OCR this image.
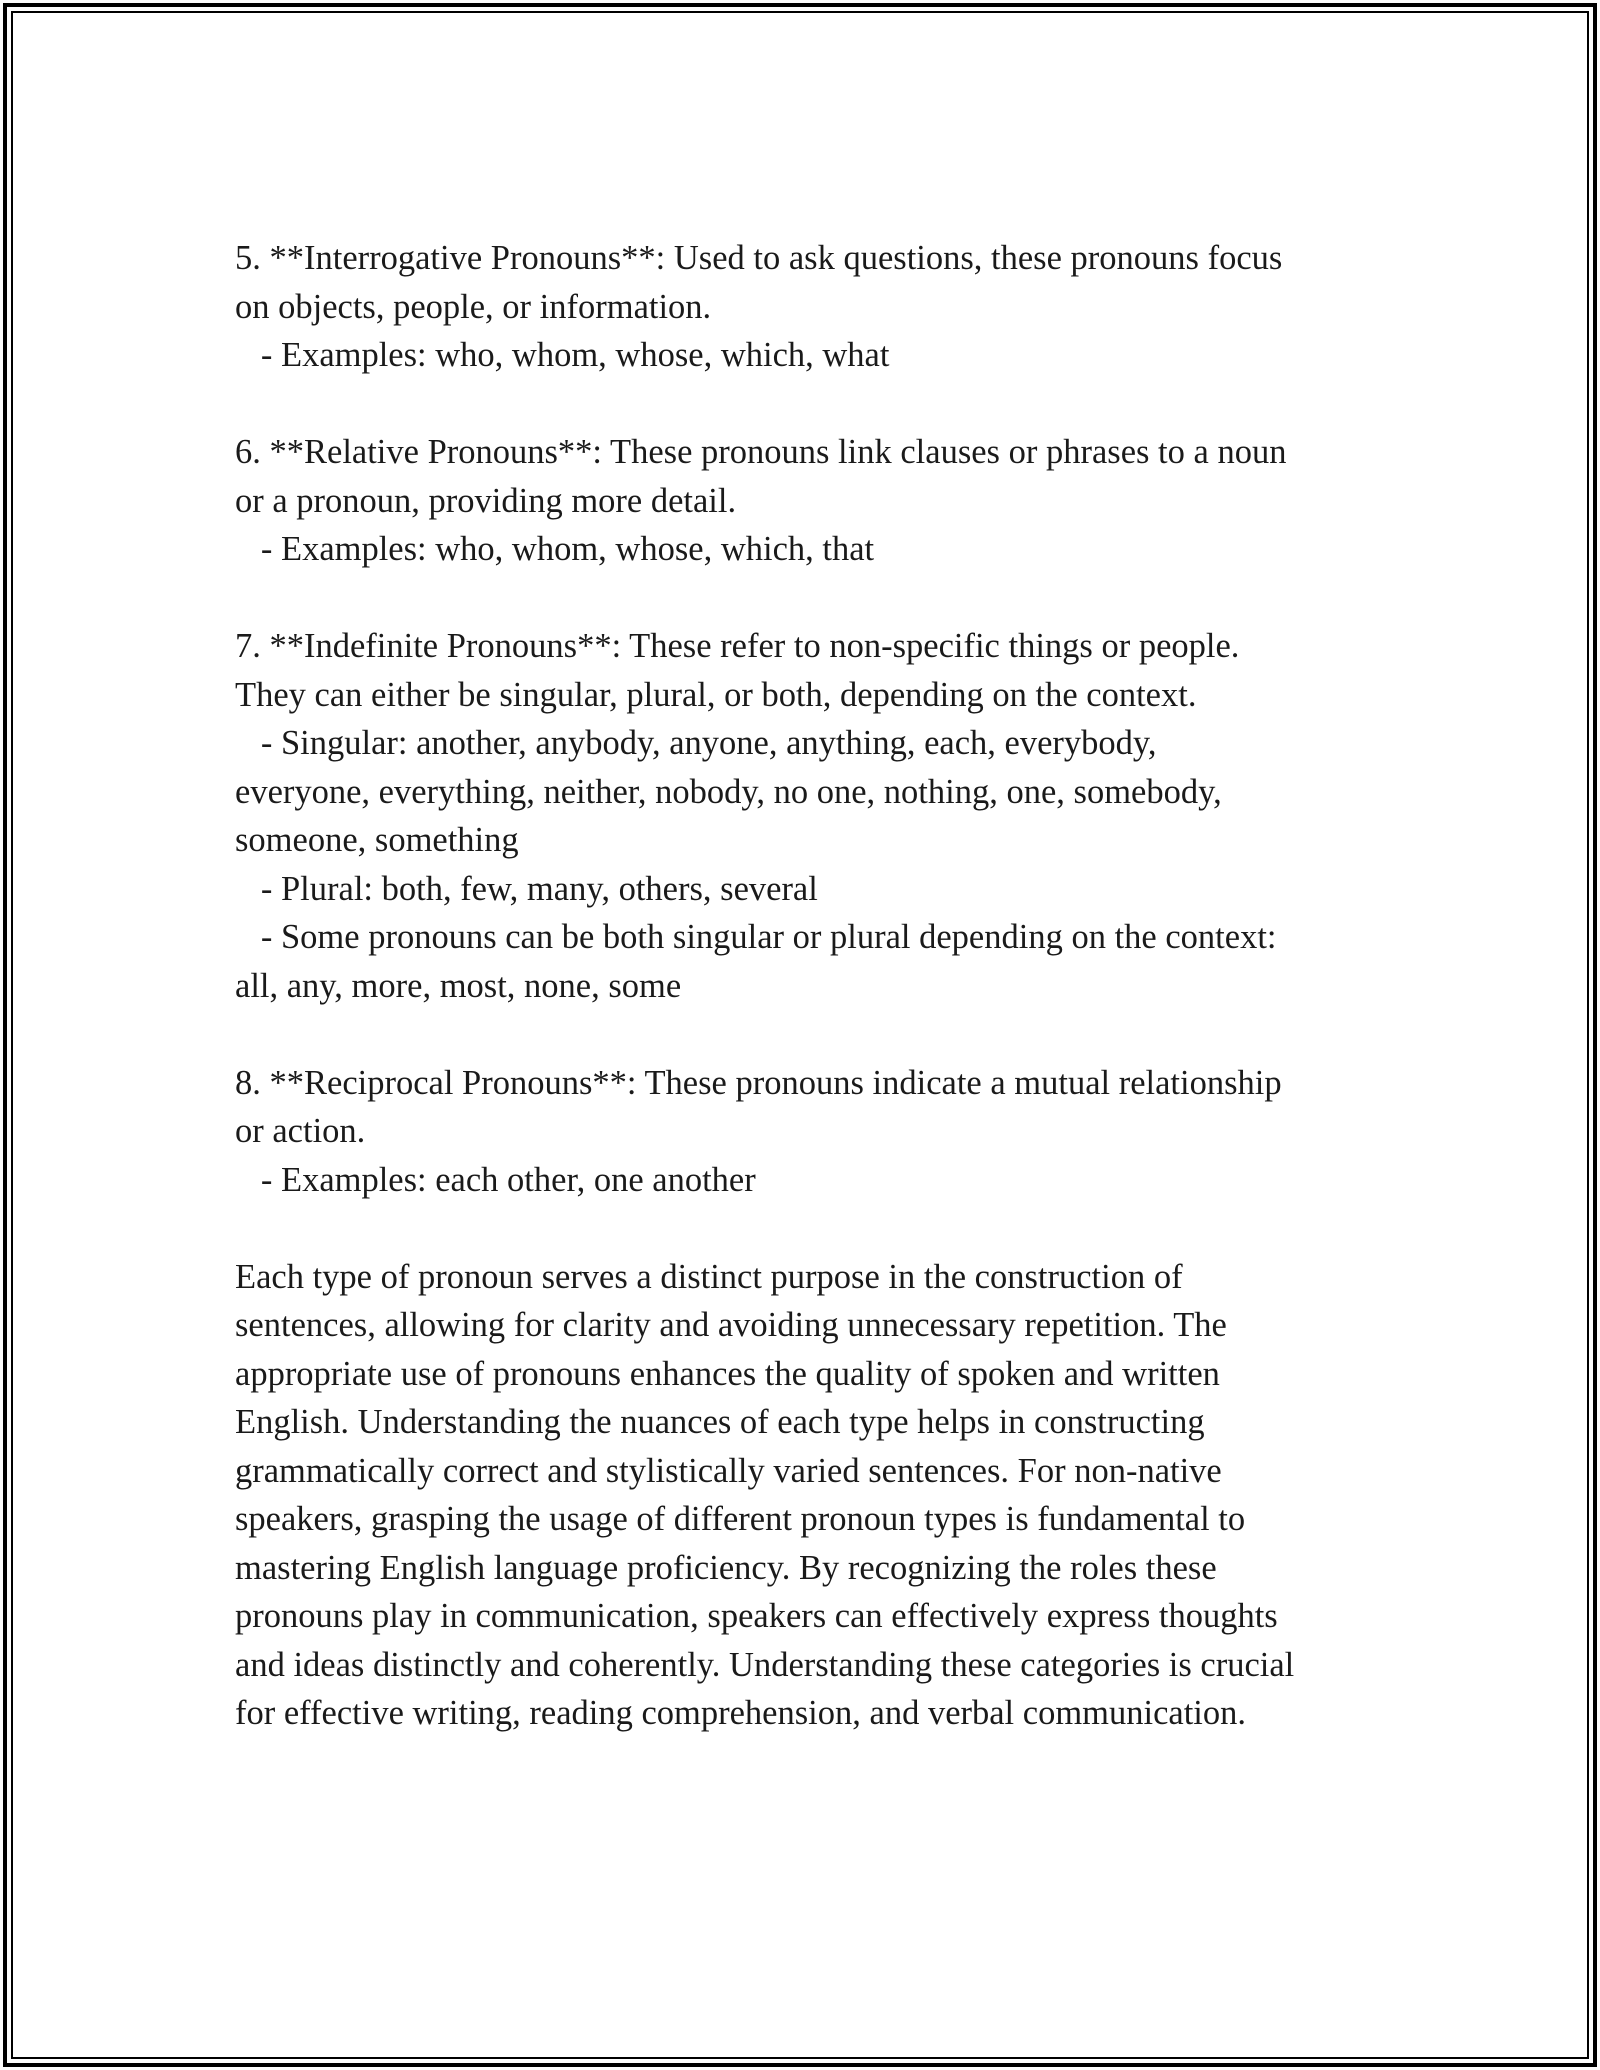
5. **Interrogative Pronouns**: Used to ask questions, these pronouns focus
on objects, people, or information.
- Examples: who, whom, whose, which, what

6. **Relative Pronouns**: These pronouns link clauses or phrases to a noun
or a pronoun, providing more detail.
- Examples: who, whom, whose, which, that

7. **Indefinite Pronouns**: These refer to non-specific things or people.
They can either be singular, plural, or both, depending on the context.
- Singular: another, anybody, anyone, anything, each, everybody,
everyone, everything, neither, nobody, no one, nothing, one, somebody,
someone, something
- Plural: both, few, many, others, several
- Some pronouns can be both singular or plural depending on the context:
all, any, more, most, none, some

8. **Reciprocal Pronouns**: These pronouns indicate a mutual relationship
or action.
- Examples: each other, one another

Each type of pronoun serves a distinct purpose in the construction of
sentences, allowing for clarity and avoiding unnecessary repetition. The
appropriate use of pronouns enhances the quality of spoken and written
English. Understanding the nuances of each type helps in constructing
grammatically correct and stylistically varied sentences. For non-native
speakers, grasping the usage of different pronoun types is fundamental to
mastering English language proficiency. By recognizing the roles these
pronouns play in communication, speakers can effectively express thoughts
and ideas distinctly and coherently. Understanding these categories is crucial
for effective writing, reading comprehension, and verbal communication.
